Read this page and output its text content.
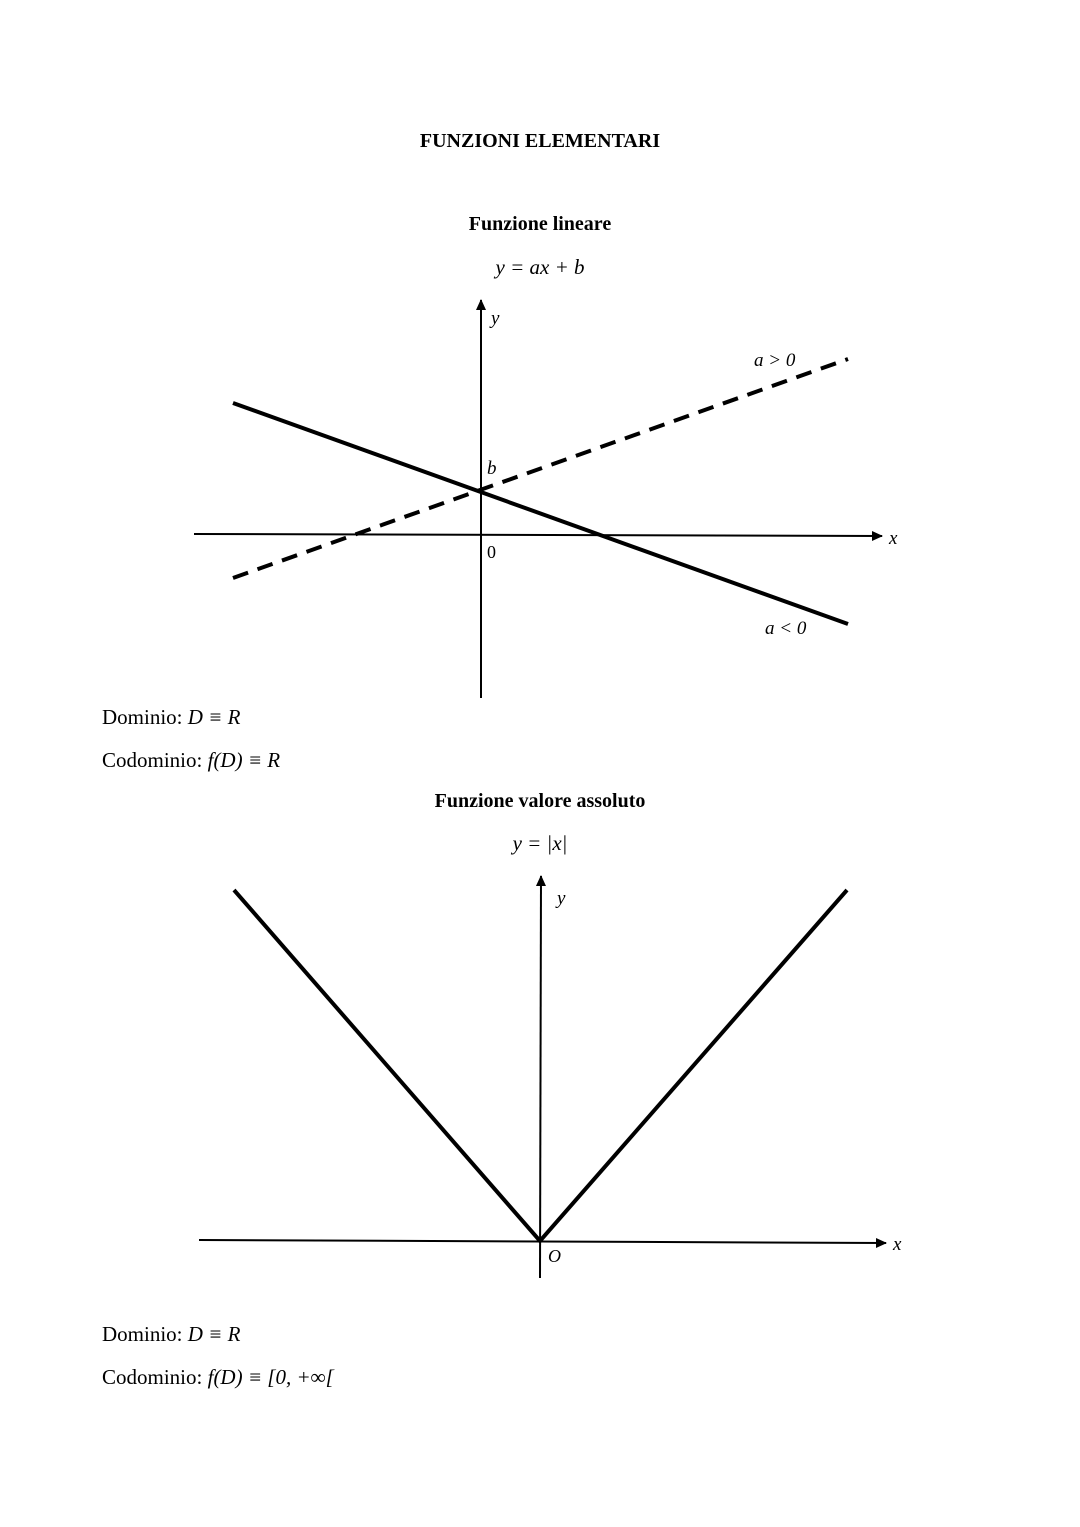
FUNZIONI ELEMENTARI
Funzione lineare
y = ax + b
y
x
0
b
a > 0
a < 0
y
x
O
Dominio: D ≡ R
Codominio: f(D) ≡ R
Funzione valore assoluto
y = |x|
Dominio: D ≡ R
Codominio: f(D) ≡ [0, +∞[
